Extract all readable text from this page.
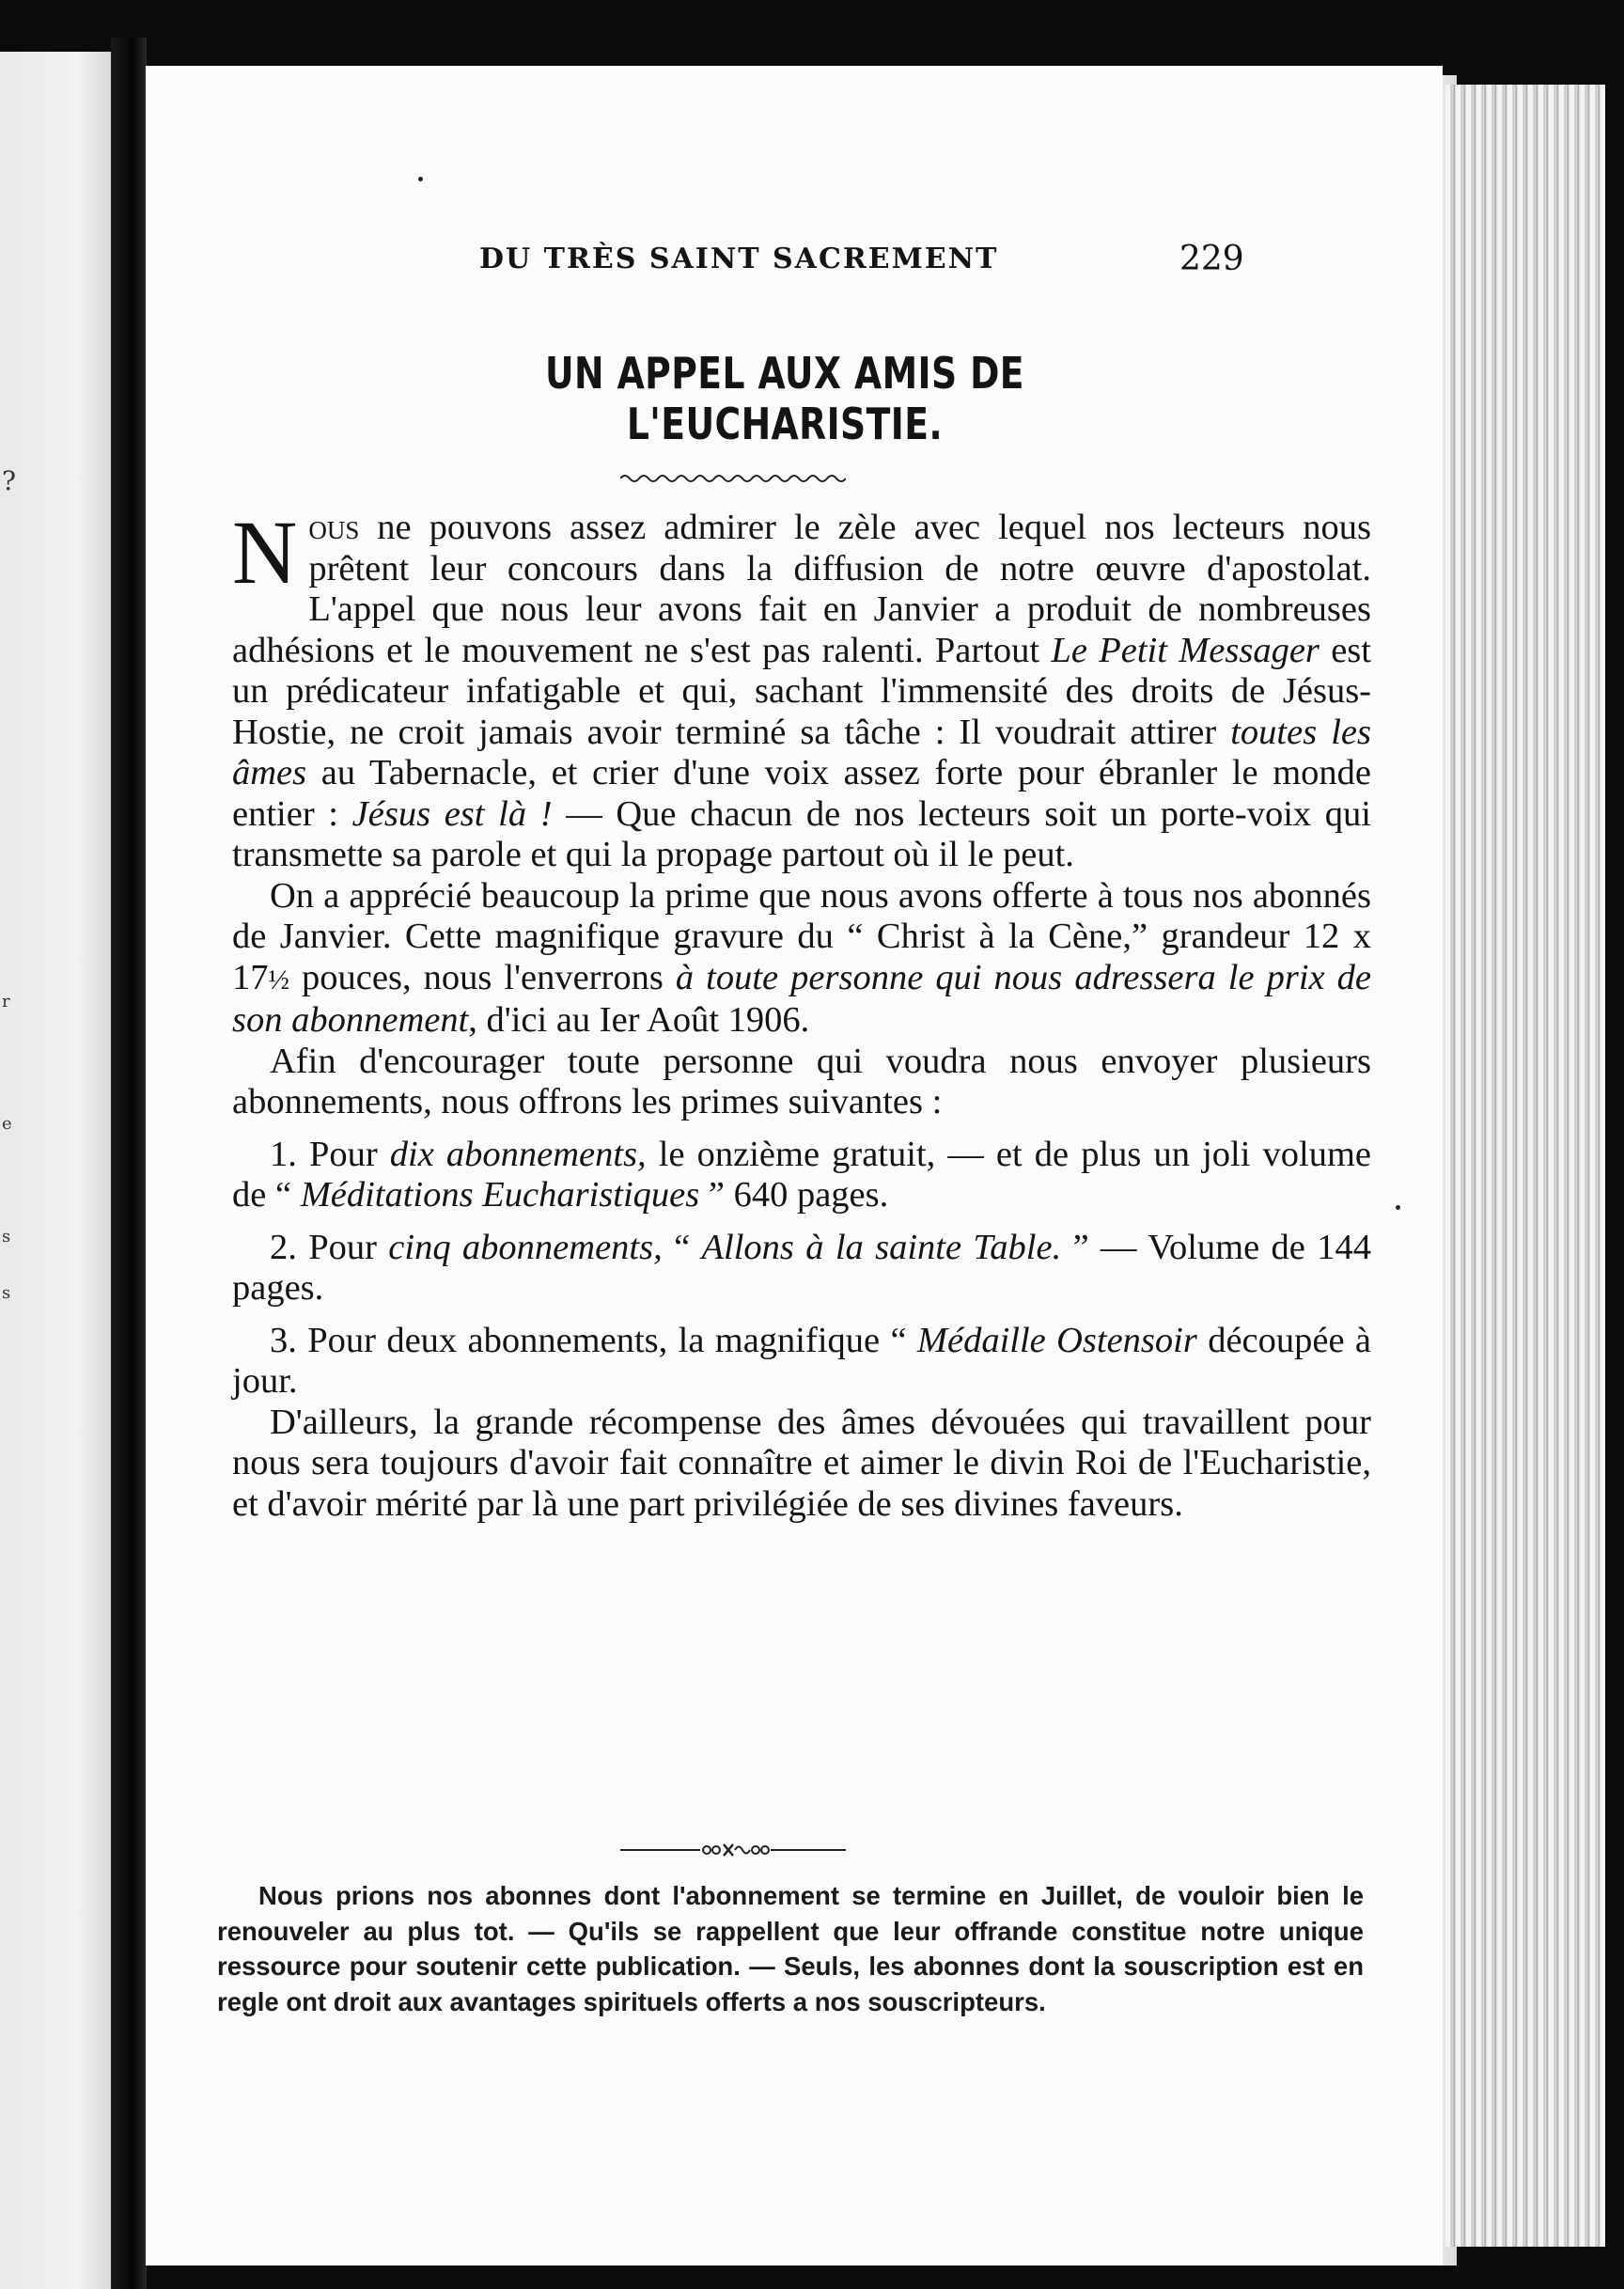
?
r
e
s
s
DU TRÈS SAINT SACREMENT	229
UN APPEL AUX AMIS DE L'EUCHARISTIE.

Nous ne pouvons assez admirer le zèle avec lequel nos lecteurs nous prêtent leur concours dans la diffusion de notre œuvre d'apostolat. L'appel que nous leur avons fait en Janvier a produit de nombreuses adhésions et le mouvement ne s'est pas ralenti. Partout Le Petit Messager est un prédicateur infatigable et qui, sachant l'immensité des droits de Jésus-Hostie, ne croit jamais avoir terminé sa tâche : Il voudrait attirer toutes les âmes au Tabernacle, et crier d'une voix assez forte pour ébranler le monde entier : Jésus est là ! — Que chacun de nos lecteurs soit un porte-voix qui transmette sa parole et qui la propage partout où il le peut.

On a apprécié beaucoup la prime que nous avons offerte à tous nos abonnés de Janvier. Cette magnifique gravure du “ Christ à la Cène,” grandeur 12 x 17½ pouces, nous l'enverrons à toute personne qui nous adressera le prix de son abonnement, d'ici au Ier Août 1906.

Afin d'encourager toute personne qui voudra nous envoyer plusieurs abonnements, nous offrons les primes suivantes :

1. Pour dix abonnements, le onzième gratuit, — et de plus un joli volume de “ Méditations Eucharistiques ” 640 pages.

2. Pour cinq abonnements, “ Allons à la sainte Table. ” — Volume de 144 pages.

3. Pour deux abonnements, la magnifique “ Médaille Ostensoir découpée à jour.

D'ailleurs, la grande récompense des âmes dévouées qui travaillent pour nous sera toujours d'avoir fait connaître et aimer le divin Roi de l'Eucharistie, et d'avoir mérité par là une part privilégiée de ses divines faveurs.

Nous prions nos abonnes dont l'abonnement se termine en Juillet, de vouloir bien le renouveler au plus tot. — Qu'ils se rappellent que leur offrande constitue notre unique ressource pour soutenir cette publication. — Seuls, les abonnes dont la souscription est en regle ont droit aux avantages spirituels offerts a nos souscripteurs.
